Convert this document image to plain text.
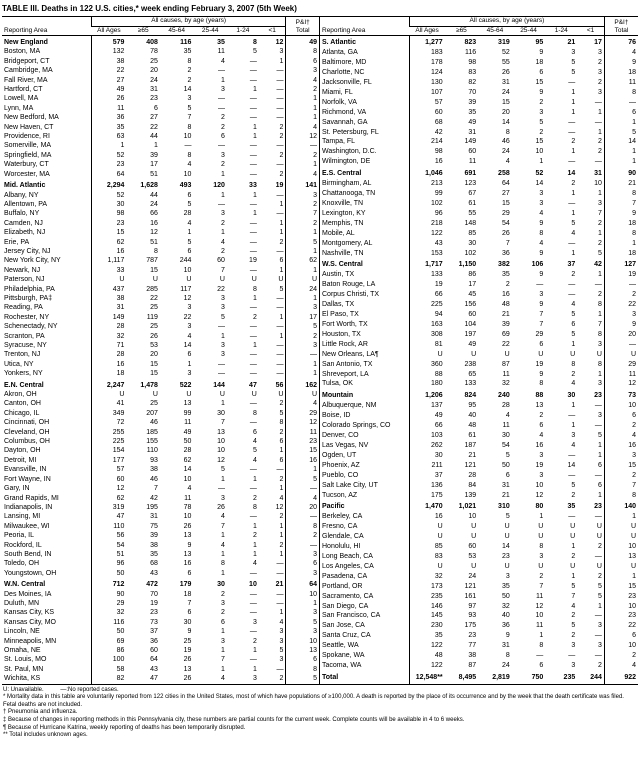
TABLE III. Deaths in 122 U.S. cities,* week ending February 3, 2007 (5th Week)
Reporting Area	All causes, by age (years)						P&I† Total
	All Ages	≥65	45-64	25-44	1-24	<1	
New England	579	408	116	35	8	12	49
Boston, MA	132	78	35	11	5	3	8
Bridgeport, CT	38	25	8	4	—	1	6
Cambridge, MA	22	20	2	—	—	—	3
Fall River, MA	27	24	2	1	—	—	4
Hartford, CT	49	31	14	3	1	—	2
Lowell, MA	26	23	3	—	—	—	1
Lynn, MA	11	6	5	—	—	—	1
New Bedford, MA	36	27	7	2	—	—	1
New Haven, CT	35	22	8	2	1	2	4
Providence, RI	63	44	10	6	1	2	12
Somerville, MA	1	1	—	—	—	—	—
Springfield, MA	52	39	8	3	—	2	2
Waterbury, CT	23	17	4	2	—	—	1
Worcester, MA	64	51	10	1	—	2	4
Mid. Atlantic	2,294	1,628	493	120	33	19	141
Albany, NY	52	44	6	1	1	—	3
Allentown, PA	30	24	5	—	—	1	2
Buffalo, NY	98	66	28	3	1	—	7
Camden, NJ	23	16	4	2	—	1	2
Elizabeth, NJ	15	12	1	1	—	1	1
Erie, PA	62	51	5	4	—	2	5
Jersey City, NJ	16	8	6	2	—	—	1
New York City, NY	1,117	787	244	60	19	6	62
Newark, NJ	33	15	10	7	—	1	1
Paterson, NJ	U	U	U	U	U	U	U
Philadelphia, PA	437	285	117	22	8	5	24
Pittsburgh, PA‡	38	22	12	3	1	—	1
Reading, PA	31	25	3	3	—	—	3
Rochester, NY	149	119	22	5	2	1	17
Schenectady, NY	28	25	3	—	—	—	5
Scranton, PA	32	26	4	1	—	1	2
Syracuse, NY	71	53	14	3	1	—	3
Trenton, NJ	28	20	6	3	—	—	—
Utica, NY	16	15	1	—	—	—	1
Yonkers, NY	18	15	3	—	—	—	1
E.N. Central	2,247	1,478	522	144	47	56	162
Akron, OH	U	U	U	U	U	U	U
Canton, OH	41	25	13	1	—	2	4
Chicago, IL	349	207	99	30	8	5	29
Cincinnati, OH	72	46	11	7	—	8	12
Cleveland, OH	255	185	49	13	6	2	11
Columbus, OH	225	155	50	10	4	6	23
Dayton, OH	154	110	28	10	5	1	15
Detroit, MI	177	93	62	12	4	6	16
Evansville, IN	57	38	14	5	—	—	1
Fort Wayne, IN	60	46	10	1	1	2	5
Gary, IN	12	7	4	—	—	1	—
Grand Rapids, MI	62	42	11	3	2	4	4
Indianapolis, IN	319	195	78	26	8	12	20
Lansing, MI	47	31	10	4	—	2	—
Milwaukee, WI	110	75	26	7	1	1	8
Peoria, IL	56	39	13	1	2	1	2
Rockford, IL	54	38	9	4	1	2	—
South Bend, IN	51	35	13	1	1	1	3
Toledo, OH	96	68	16	8	4	—	6
Youngstown, OH	50	43	6	1	—	—	3
W.N. Central	712	472	179	30	10	21	64
Des Moines, IA	90	70	18	2	—	—	10
Duluth, MN	29	19	7	3	—	—	1
Kansas City, KS	32	23	6	2	—	1	3
Kansas City, MO	116	73	30	6	3	4	5
Lincoln, NE	50	37	9	1	—	3	3
Minneapolis, MN	69	36	25	3	2	3	10
Omaha, NE	86	60	19	1	1	5	13
St. Louis, MO	100	64	26	7	—	3	6
St. Paul, MN	58	43	13	1	1	—	8
Wichita, KS	82	47	26	4	3	2	5
Reporting Area	All causes, by age (years)						P&I† Total
	All Ages	≥65	45-64	25-44	1-24	<1	
S. Atlantic	1,277	823	319	95	21	17	76
Atlanta, GA	183	116	52	9	3	3	4
Baltimore, MD	178	98	55	18	5	2	9
Charlotte, NC	124	83	26	6	5	3	18
Jacksonville, FL	130	82	31	15	—	2	11
Miami, FL	107	70	24	9	1	3	8
Norfolk, VA	57	39	15	2	1	—	—
Richmond, VA	60	35	20	3	1	1	6
Savannah, GA	68	49	14	5	—	—	1
St. Petersburg, FL	42	31	8	2	—	1	5
Tampa, FL	214	149	46	15	2	2	14
Washington, D.C.	98	60	24	10	1	2	1
Wilmington, DE	16	11	4	1	—	—	1
E.S. Central	1,046	691	258	52	14	31	90
Birmingham, AL	213	123	64	14	2	10	21
Chattanooga, TN	99	67	27	3	1	1	8
Knoxville, TN	102	61	15	3	—	3	7
Lexington, KY	96	55	29	4	1	7	9
Memphis, TN	218	148	54	9	5	2	18
Mobile, AL	122	85	26	8	4	1	8
Montgomery, AL	43	30	7	4	—	2	1
Nashville, TN	153	102	36	9	1	5	18
W.S. Central	1,717	1,150	382	106	37	42	127
Austin, TX	133	86	35	9	2	1	19
Baton Rouge, LA	19	17	2	—	—	—	—
Corpus Christi, TX	66	45	16	3	—	2	2
Dallas, TX	225	156	48	9	4	8	22
El Paso, TX	94	60	21	7	5	1	3
Fort Worth, TX	163	104	39	7	6	7	9
Houston, TX	308	197	69	29	5	8	20
Little Rock, AR	81	49	22	6	1	3	—
New Orleans, LA¶	U	U	U	U	U	U	U
San Antonio, TX	360	238	87	19	8	8	29
Shreveport, LA	88	65	11	9	2	1	11
Tulsa, OK	180	133	32	8	4	3	12
Mountain	1,206	824	240	88	30	23	73
Albuquerque, NM	137	95	28	13	1	—	10
Boise, ID	49	40	4	2	—	3	6
Colorado Springs, CO	66	48	11	6	1	—	2
Denver, CO	103	61	30	4	3	5	4
Las Vegas, NV	262	187	54	16	4	1	16
Ogden, UT	30	21	5	3	—	1	3
Phoenix, AZ	211	121	50	19	14	6	15
Pueblo, CO	37	28	6	3	—	—	2
Salt Lake City, UT	136	84	31	10	5	6	7
Tucson, AZ	175	139	21	12	2	1	8
Pacific	1,470	1,021	310	80	35	23	140
Berkeley, CA	16	10	5	1	—	—	1
Fresno, CA	U	U	U	U	U	U	U
Glendale, CA	U	U	U	U	U	U	U
Honolulu, HI	85	60	14	8	1	2	10
Long Beach, CA	83	53	23	3	2	—	13
Los Angeles, CA	U	U	U	U	U	U	U
Pasadena, CA	32	24	3	2	1	2	1
Portland, OR	173	121	35	7	5	5	15
Sacramento, CA	235	161	50	11	7	5	23
San Diego, CA	146	97	32	12	4	1	10
San Francisco, CA	145	93	40	10	2	—	23
San Jose, CA	230	175	36	11	5	3	22
Santa Cruz, CA	35	23	9	1	2	—	6
Seattle, WA	122	77	31	8	3	3	10
Spokane, WA	48	38	8	—	—	—	2
Tacoma, WA	122	87	24	6	3	2	4
Total	12,548**	8,495	2,819	750	235	244	922
U: Unavailable.          —:No reported cases.
* Mortality data in this table are voluntarily reported from 122 cities in the United States, most of which have populations of ≥100,000. A death is reported by the place of its occurrence and by the week that the death certificate was filed. Fetal deaths are not included.
† Pneumonia and influenza.
‡ Because of changes in reporting methods in this Pennsylvania city, these numbers are partial counts for the current week. Complete counts will be available in 4 to 6 weeks.
¶ Because of Hurricane Katrina, weekly reporting of deaths has been temporarily disrupted.
** Total includes unknown ages.
